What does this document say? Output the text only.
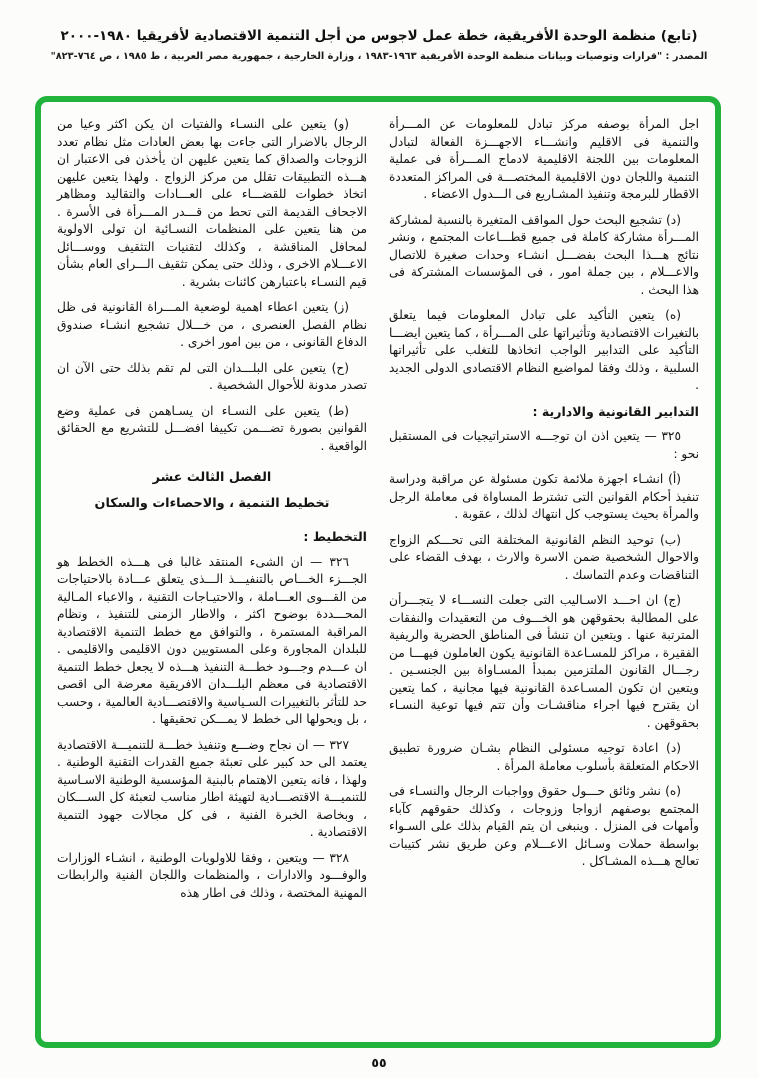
(تابع) منظمة الوحدة الأفريقية، خطة عمل لاجوس من أجل التنمية الاقتصادية لأفريقيا ١٩٨٠-٢٠٠٠
المصدر : "قرارات وتوصيات وبيانات منظمة الوحدة الأفريقية ١٩٦٣-١٩٨٣ ، وزارة الخارجية ، جمهورية مصر العربية ، ط ١٩٨٥ ، ص ٧٦٤-٨٢٣"

اجل المرأة بوصفه مركز تبادل للمعلومات عن المـــرأة والتنمية فى الاقليم وانشـــاء الاجهـــزة الفعالة لتبادل المعلومات بين اللجنة الاقليمية لادماج المـــرأة فى عملية التنمية واللجان دون الاقليمية المختصـــة فى المراكز المتعددة الاقطار للبرمجة وتنفيذ المشـاريع فى الـــدول الاعضاء .

(د) تشجيع البحث حول المواقف المتغيرة بالنسبة لمشاركة المـــرأة مشاركة كاملة فى جميع قطـــاعات المجتمع ، ونشر نتائج هـــذا البحث بفضـــل انشـاء وحدات صغيرة للاتصال والاعـــلام ، بين جملة امور ، فى المؤسسات المشتركة فى هذا البحث .

(ه) يتعين التأكيد على تبادل المعلومات فيما يتعلق بالتغيرات الاقتصادية وتأثيراتها على المـــرأة ، كما يتعين ايضـــا التأكيد على التدابير الواجب اتخاذها للتغلب على تأثيراتها السلبية ، وذلك وفقا لمواضيع النظام الاقتصادى الدولى الجديد .

التدابير القانونية والادارية :

٣٢٥ — يتعين اذن ان توجـــه الاستراتيجيات فى المستقبل نحو :

(أ) انشـاء اجهزة ملائمة تكون مسئولة عن مراقبة ودراسة تنفيذ أحكام القوانين التى تشترط المساواة فى معاملة الرجل والمرأة بحيث يستوجب كل انتهاك لذلك ، عقوبة .

(ب) توحيد النظم القانونية المختلفة التى تحـــكم الزواج والاحوال الشخصية ضمن الاسرة والارث ، بهدف القضاء على التناقضات وعدم التماسك .

(ج) ان احـــد الاسـاليب التى جعلت النســـاء لا يتجـــرأن على المطالبة بحقوقهن هو الخـــوف من التعقيدات والنفقات المترتبة عنها . ويتعين ان تنشأ فى المناطق الحضرية والريفية الفقيرة ، مراكز للمسـاعدة القانونية يكون العاملون فيهـــا من رجـــال القانون الملتزمين بمبدأ المسـاواة بين الجنسـين . ويتعين ان تكون المسـاعدة القانونية فيها مجانية ، كما يتعين ان يقترح فيها اجراء مناقشـات وأن تتم فيها توعية النسـاء بحقوقهن .

(د) اعادة توجيه مسئولى النظام بشـان ضرورة تطبيق الاحكام المتعلقة بأسلوب معاملة المرأة .

(ه) نشر وثائق حـــول حقوق وواجبات الرجال والنسـاء فى المجتمع بوصفهم ازواجا وزوجات ، وكذلك حقوقهم كآباء وأمهات فى المنزل . وينبغى ان يتم القيام بذلك على السـواء بواسطة حملات وسـائل الاعـــلام وعن طريق نشر كتيبات تعالج هـــذه المشـاكل .

(و) يتعين على النسـاء والفتيات ان يكن اكثر وعيا من الرجال بالاضرار التى جاءت بها بعض العادات مثل نظام تعدد الزوجات والصداق كما يتعين عليهن ان يأخذن فى الاعتبار ان هـــذه التطبيقات تقلل من مركز الزواج . ولهذا يتعين عليهن اتخاذ خطوات للقضـــاء على العـــادات والتقاليد ومظاهر الاجحاف القديمة التى تحط من قـــدر المـــرأة فى الأسرة . من هنا يتعين على المنظمات النسـائية ان تولى الاولوية لمحافل المناقشة ، وكذلك لتقنيات التثقيف ووســـائل الاعـــلام الاخرى ، وذلك حتى يمكن تثقيف الـــراى العام بشأن قيم النسـاء باعتبارهن كائنات بشرية .

(ز) يتعين اعطاء اهمية لوضعية المـــراة القانونية فى ظل نظام الفصل العنصرى ، من خـــلال تشجيع انشـاء صندوق الدفاع القانونى ، من بين امور اخرى .

(ح) يتعين على البلـــدان التى لم تقم بذلك حتى الآن ان تصدر مدونة للأحوال الشخصية .

(ط) يتعين على النسـاء ان يسـاهمن فى عملية وضع القوانين بصورة تضـــمن تكييفا افضـــل للتشريع مع الحقائق الواقعية .

الفصل الثالث عشر
تخطيط التنمية ، والاحصاءات والسكان
التخطيط :

٣٢٦ — ان الشىء المنتقد غالبا فى هـــذه الخطط هو الجـــزء الخـــاص بالتنفيـــذ الـــذى يتعلق عـــادة بالاحتياجات من القـــوى العـــاملة ، والاحتيـاجات التقنية ، والاعباء المـالية المحـــددة بوضوح اكثر ، والاطار الزمنى للتنفيذ ، ونظام المراقبة المستمرة ، والتوافق مع خطط التنمية الاقتصادية للبلدان المجاورة وعلى المستويين دون الاقليمى والاقليمى . ان عـــدم وجـــود خطـــة التنفيذ هـــذه لا يجعل خطط التنمية الاقتصادية فى معظم البلـــدان الافريقية معرضة الى اقصى حد للتأثر بالتغييرات السـياسية والاقتصـــادية العالمية ، وحسب ، بل ويحولها الى خطط لا يمـــكن تحقيقها .

٣٢٧ — ان نجاح وضـــع وتنفيذ خطـــة للتنميـــة الاقتصادية يعتمد الى حد كبير على تعبئة جميع القدرات التقنية الوطنية . ولهذا ، فانه يتعين الاهتمام بالبنية المؤسسية الوطنية الاسـاسية للتنميـــة الاقتصـــادية لتهيئة اطار مناسب لتعبئة كل الســـكان ، وبخاصة الخبرة الفنية ، فى كل مجالات جهود التنمية الاقتصادية .

٣٢٨ — ويتعين ، وفقا للاولويات الوطنية ، انشـاء الوزارات والوفـــود والادارات ، والمنظمات واللجان الفنية والرابطات المهنية المختصة ، وذلك فى اطار هذه

٥٥
